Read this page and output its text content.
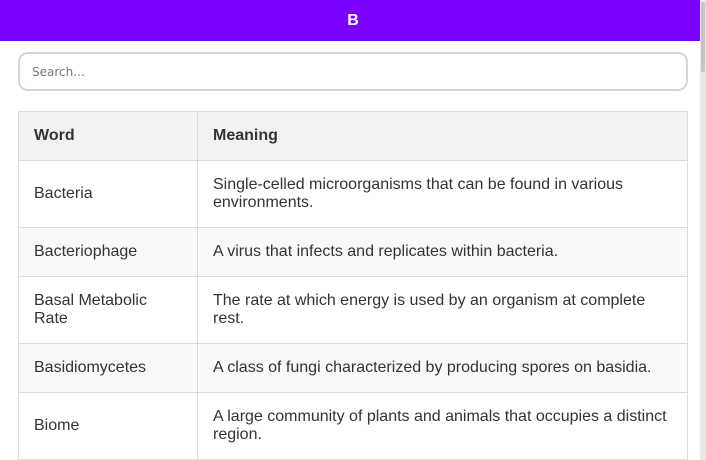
B
Search...
Word	Meaning
Bacteria	Single-celled microorganisms that can be found in various environments.
Bacteriophage	A virus that infects and replicates within bacteria.
Basal Metabolic Rate	The rate at which energy is used by an organism at complete rest.
Basidiomycetes	A class of fungi characterized by producing spores on basidia.
Biome	A large community of plants and animals that occupies a distinct region.
